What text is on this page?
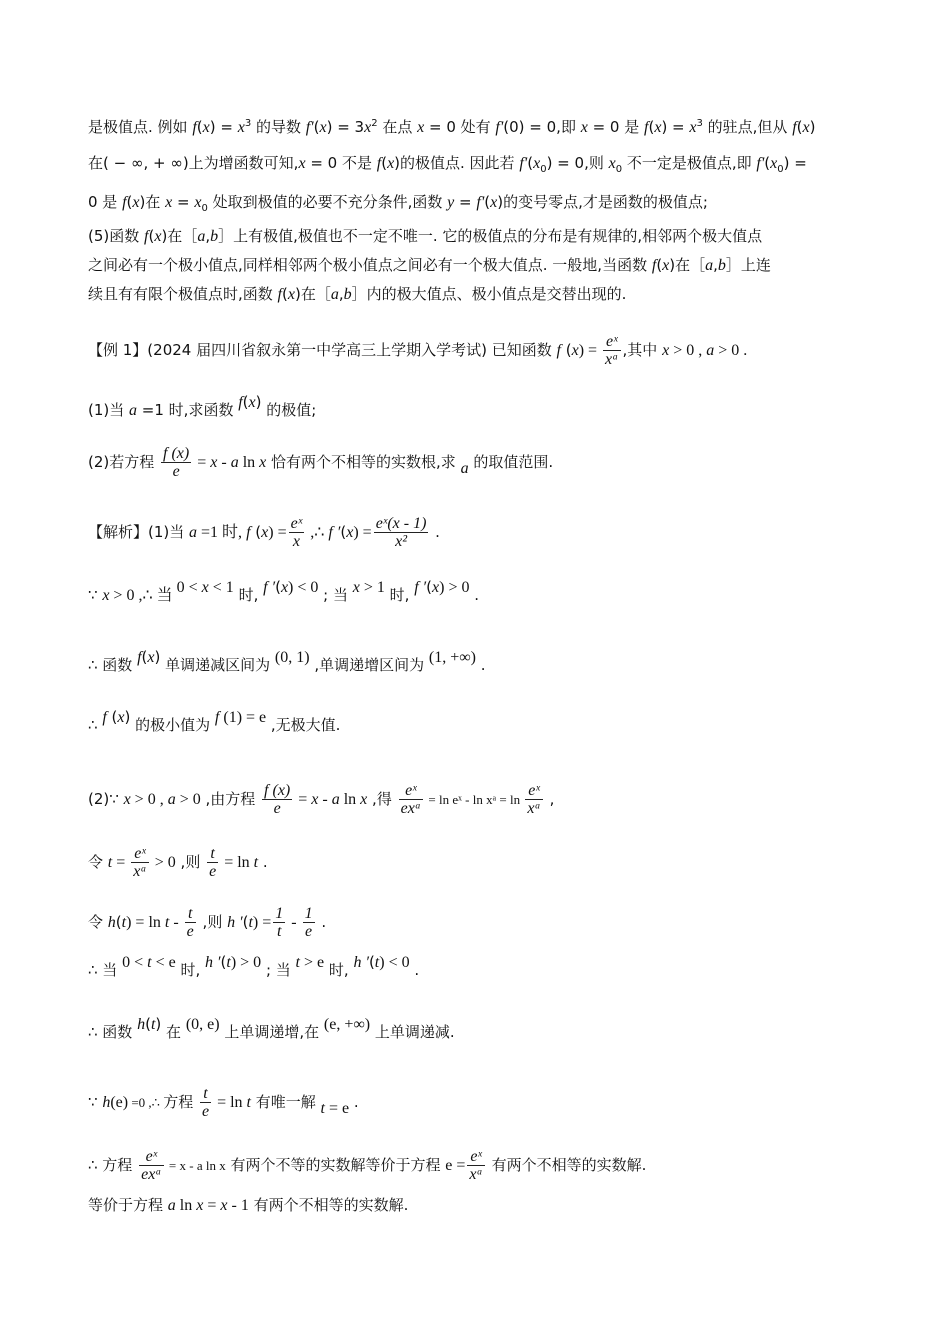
是极值点. 例如 $f(x) = x^3$ 的导数 $f'(x) = 3x^2$ 在点 x = 0 处有 f'(0) = 0,即 x = 0 是 $f(x) = x^3$ 的驻点,但从 f(x)
在( − ∞, + ∞)上为增函数可知,x = 0 不是 f(x)的极值点. 因此若 $f'(x_0) = 0$,则 $x_0$ 不一定是极值点,即 $f'(x_0)$ =
0 是 f(x)在 $x = x_0$ 处取到极值的必要不充分条件,函数 y = f'(x)的变号零点,才是函数的极值点;
(5)函数 f(x)在［a,b］上有极值,极值也不一定不唯一. 它的极值点的分布是有规律的,相邻两个极大值点
之间必有一个极小值点,同样相邻两个极小值点之间必有一个极大值点. 一般地,当函数 f(x)在［a,b］上连
续且有有限个极值点时,函数 f(x)在［a,b］内的极大值点、极小值点是交替出现的.
【例 1】(2024 届四川省叙永第一中学高三上学期入学考试) 已知函数 f $(x) = \frac{\text{eˣ}}{\text{xᵃ}}$ ,其中 x > 0 , a > 0 .
(1)当 a =1 时,求函数 f(x) 的极值;
(2)若方程 $\frac{f (x)}{e} = x - a$ ln x 恰有两个不相等的实数根,求 a 的取值范围.
【解析】(1)当 a =1 时, f $(x) = \frac{\text{eˣ}}{x}$ ,∴ f $'(x) = \frac{\text{eˣ(x - 1)}}{\text{x²}}$ .
∵ x > 0 ,∴ 当 0 < x < 1 时, f ′(x) < 0 ; 当 x > 1 时, f ′(x) > 0 .
∴ 函数 f(x) 单调递减区间为 (0, 1) ,单调递增区间为 (1, +∞) .
∴ f (x) 的极小值为 f (1) = e ,无极大值.
(2)∵ x > 0 , a > 0 ,由方程 $\frac{f (x)}{e} = x - a$ ln x ,得 $\frac{\text{eˣ}}{\text{exᵃ}} = \ln$ eˣ - ln xᵃ = $\ln \frac{\text{eˣ}}{\text{xᵃ}}$ ,
令 $t = \frac{\text{eˣ}}{\text{xᵃ}} > 0$ ,则 $\frac{t}{e} = \ln t$ .
令 $h(t) = \ln t - \frac{t}{e}$ ,则 h $'(t) = \frac{1}{t} - \frac{1}{e}$ .
∴ 当 0 < t < e 时, h ′(t) > 0 ; 当 t > e 时, h ′(t) < 0 .
∴ 函数 h(t) 在 (0, e) 上单调递增,在 (e, +∞) 上单调递减.
∵ h(e) =0 ,∴ 方程 $\frac{t}{e} = \ln t$ 有唯一解 t = e .
∴ 方程 $\frac{\text{eˣ}}{\text{exᵃ}} = x - a$ ln x 有两个不等的实数解等价于方程 $e = \frac{\text{eˣ}}{\text{xᵃ}}$ 有两个不相等的实数解.
等价于方程 a ln x = x - 1 有两个不相等的实数解.
